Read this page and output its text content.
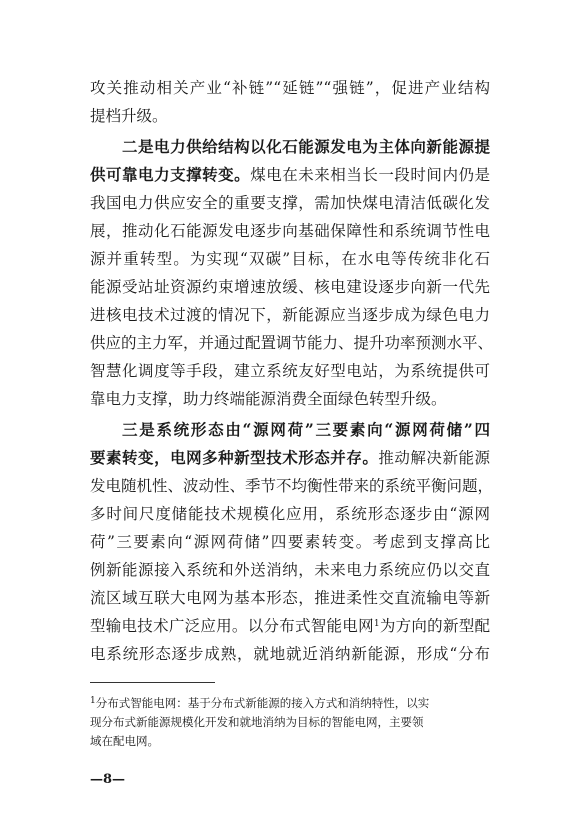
攻关推动相关产业“补链”“延链”“强链”，促进产业结构
提档升级。
二是电力供给结构以化石能源发电为主体向新能源提
供可靠电力支撑转变。煤电在未来相当长一段时间内仍是
我国电力供应安全的重要支撑，需加快煤电清洁低碳化发
展，推动化石能源发电逐步向基础保障性和系统调节性电
源并重转型。为实现“双碳”目标，在水电等传统非化石
能源受站址资源约束增速放缓、核电建设逐步向新一代先
进核电技术过渡的情况下，新能源应当逐步成为绿色电力
供应的主力军，并通过配置调节能力、提升功率预测水平、
智慧化调度等手段，建立系统友好型电站，为系统提供可
靠电力支撑，助力终端能源消费全面绿色转型升级。
三是系统形态由“源网荷”三要素向“源网荷储”四
要素转变，电网多种新型技术形态并存。推动解决新能源
发电随机性、波动性、季节不均衡性带来的系统平衡问题，
多时间尺度储能技术规模化应用，系统形态逐步由“源网
荷”三要素向“源网荷储”四要素转变。考虑到支撑高比
例新能源接入系统和外送消纳，未来电力系统应仍以交直
流区域互联大电网为基本形态，推进柔性交直流输电等新
型输电技术广泛应用。以分布式智能电网$^1$为方向的新型配
电系统形态逐步成熟，就地就近消纳新能源，形成“分布
$^1$分布式智能电网：基于分布式新能源的接入方式和消纳特性，以实
现分布式新能源规模化开发和就地消纳为目标的智能电网，主要领
域在配电网。
—8—
